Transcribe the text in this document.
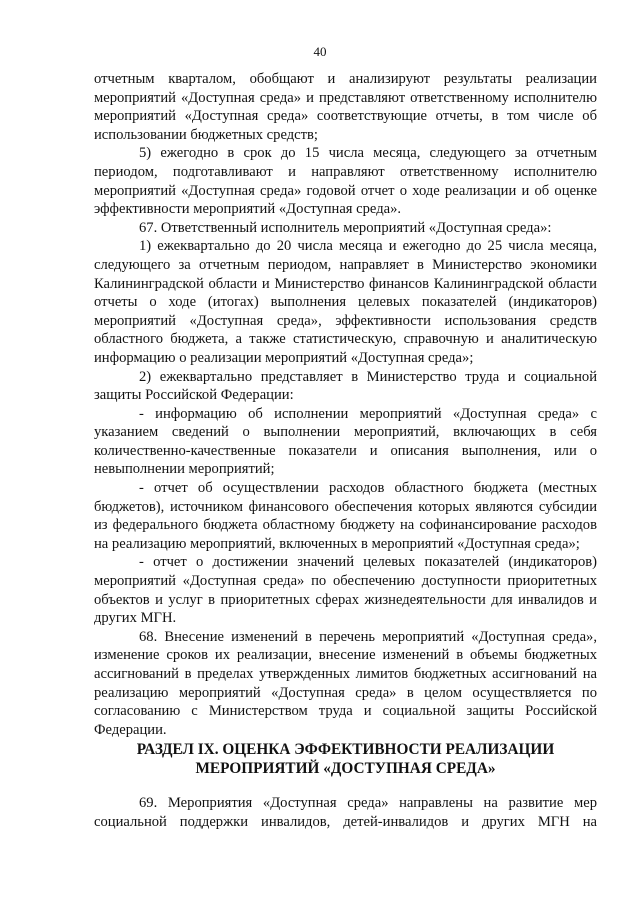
40

отчетным кварталом, обобщают и анализируют результаты реализации мероприятий «Доступная среда» и представляют ответственному исполнителю мероприятий «Доступная среда» соответствующие отчеты, в том числе об использовании бюджетных средств;

5) ежегодно в срок до 15 числа месяца, следующего за отчетным периодом, подготавливают и направляют ответственному исполнителю мероприятий «Доступная среда» годовой отчет о ходе реализации и об оценке эффективности мероприятий «Доступная среда».

67. Ответственный исполнитель мероприятий «Доступная среда»:

1) ежеквартально до 20 числа месяца и ежегодно до 25 числа месяца, следующего за отчетным периодом, направляет в Министерство экономики Калининградской области и Министерство финансов Калининградской области отчеты о ходе (итогах) выполнения целевых показателей (индикаторов) мероприятий «Доступная среда», эффективности использования средств областного бюджета, а также статистическую, справочную и аналитическую информацию о реализации мероприятий «Доступная среда»;

2) ежеквартально представляет в Министерство труда и социальной защиты Российской Федерации:

- информацию об исполнении мероприятий «Доступная среда» с указанием сведений о выполнении мероприятий, включающих в себя количественно-качественные показатели и описания выполнения, или о невыполнении мероприятий;

- отчет об осуществлении расходов областного бюджета (местных бюджетов), источником финансового обеспечения которых являются субсидии из федерального бюджета областному бюджету на софинансирование расходов на реализацию мероприятий, включенных в мероприятий «Доступная среда»;

- отчет о достижении значений целевых показателей (индикаторов) мероприятий «Доступная среда» по обеспечению доступности приоритетных объектов и услуг в приоритетных сферах жизнедеятельности для инвалидов и других МГН.

68. Внесение изменений в перечень мероприятий «Доступная среда», изменение сроков их реализации, внесение изменений в объемы бюджетных ассигнований в пределах утвержденных лимитов бюджетных ассигнований на реализацию мероприятий «Доступная среда» в целом осуществляется по согласованию с Министерством труда и социальной защиты Российской Федерации.

РАЗДЕЛ IX. ОЦЕНКА ЭФФЕКТИВНОСТИ РЕАЛИЗАЦИИ
МЕРОПРИЯТИЙ «ДОСТУПНАЯ СРЕДА»

69. Мероприятия «Доступная среда» направлены на развитие мер социальной поддержки инвалидов, детей-инвалидов и других МГН на
